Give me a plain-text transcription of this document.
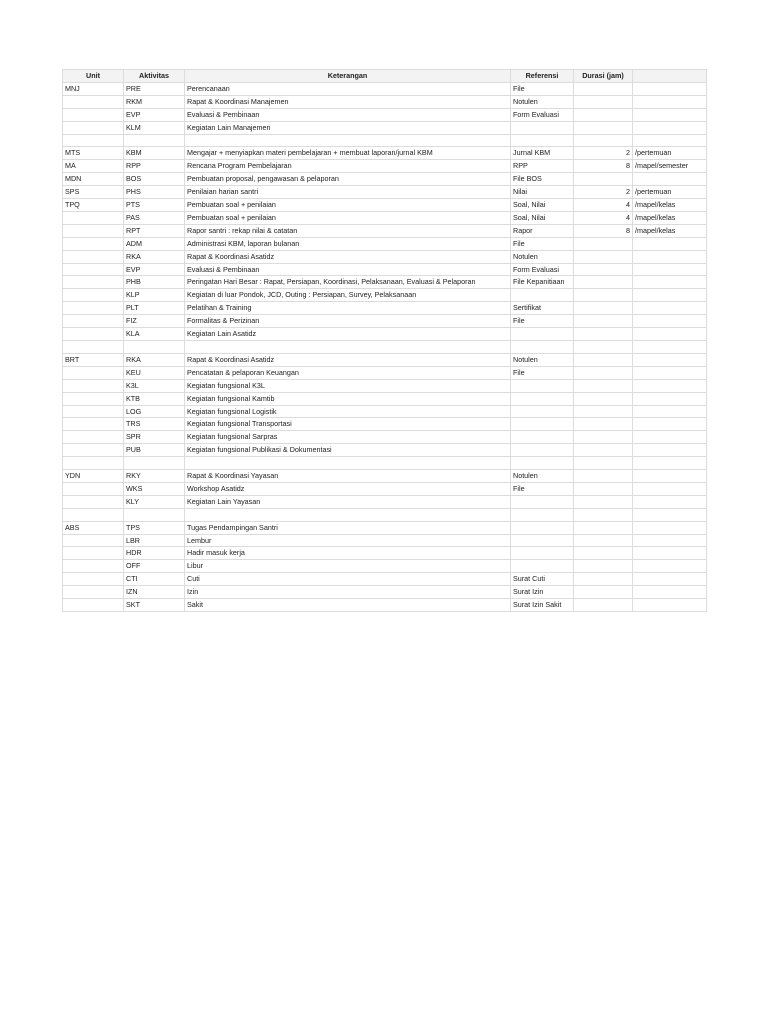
Unit	Aktivitas	Keterangan	Referensi	Durasi (jam)	
MNJ	PRE	Perencanaan	File		
	RKM	Rapat & Koordinasi Manajemen	Notulen		
	EVP	Evaluasi & Pembinaan	Form Evaluasi		
	KLM	Kegiatan Lain Manajemen			

MTS	KBM	Mengajar + menyiapkan materi pembelajaran + membuat laporan/jurnal KBM	Jurnal KBM	2	/pertemuan
MA	RPP	Rencana Program Pembelajaran	RPP	8	/mapel/semester
MDN	BOS	Pembuatan proposal, pengawasan & pelaporan	File BOS		
SPS	PHS	Penilaian harian santri	Nilai	2	/pertemuan
TPQ	PTS	Pembuatan soal + penilaian	Soal, Nilai	4	/mapel/kelas
	PAS	Pembuatan soal + penilaian	Soal, Nilai	4	/mapel/kelas
	RPT	Rapor santri : rekap nilai & catatan	Rapor	8	/mapel/kelas
	ADM	Administrasi KBM, laporan bulanan	File		
	RKA	Rapat & Koordinasi Asatidz	Notulen		
	EVP	Evaluasi & Pembinaan	Form Evaluasi		
	PHB	Peringatan Hari Besar : Rapat, Persiapan, Koordinasi, Pelaksanaan, Evaluasi & Pelaporan	File Kepanitiaan		
	KLP	Kegiatan di luar Pondok, JCD, Outing : Persiapan, Survey, Pelaksanaan			
	PLT	Pelatihan & Training	Sertifikat		
	FIZ	Formalitas & Perizinan	File		
	KLA	Kegiatan Lain Asatidz			

BRT	RKA	Rapat & Koordinasi Asatidz	Notulen		
	KEU	Pencatatan & pelaporan Keuangan	File		
	K3L	Kegiatan fungsional K3L			
	KTB	Kegiatan fungsional Kamtib			
	LOG	Kegiatan fungsional Logistik			
	TRS	Kegiatan fungsional Transportasi			
	SPR	Kegiatan fungsional Sarpras			
	PUB	Kegiatan fungsional Publikasi & Dokumentasi			

YDN	RKY	Rapat & Koordinasi Yayasan	Notulen		
	WKS	Workshop Asatidz	File		
	KLY	Kegiatan Lain Yayasan			

ABS	TPS	Tugas Pendampingan Santri			
	LBR	Lembur			
	HDR	Hadir masuk kerja			
	OFF	Libur			
	CTI	Cuti	Surat Cuti		
	IZN	Izin	Surat Izin		
	SKT	Sakit	Surat Izin Sakit		
